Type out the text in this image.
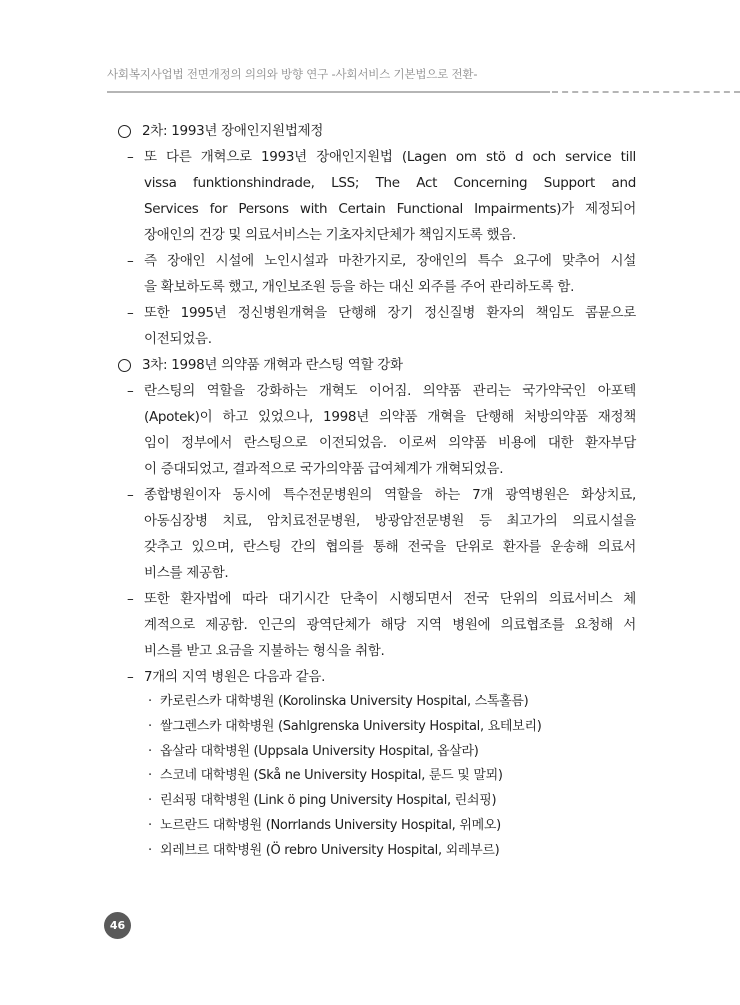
사회복지사업법 전면개정의 의의와 방향 연구 -사회서비스 기본법으로 전환-
2차: 1993년 장애인지원법제정
– 또 다른 개혁으로 1993년 장애인지원법 (Lagen om stö d och service till
vissa funktionshindrade, LSS; The Act Concerning Support and
Services for Persons with Certain Functional Impairments)가 제정되어
장애인의 건강 및 의료서비스는 기초자치단체가 책임지도록 했음.
– 즉 장애인 시설에 노인시설과 마찬가지로, 장애인의 특수 요구에 맞추어 시설
을 확보하도록 했고, 개인보조원 등을 하는 대신 외주를 주어 관리하도록 함.
– 또한 1995년 정신병원개혁을 단행해 장기 정신질병 환자의 책임도 콤뮨으로
이전되었음.
3차: 1998년 의약품 개혁과 란스팅 역할 강화
– 란스팅의 역할을 강화하는 개혁도 이어짐. 의약품 관리는 국가약국인 아포텍
(Apotek)이 하고 있었으나, 1998년 의약품 개혁을 단행해 처방의약품 재정책
임이 정부에서 란스팅으로 이전되었음. 이로써 의약품 비용에 대한 환자부담
이 증대되었고, 결과적으로 국가의약품 급여체계가 개혁되었음.
– 종합병원이자 동시에 특수전문병원의 역할을 하는 7개 광역병원은 화상치료,
아동심장병 치료, 암치료전문병원, 방광암전문병원 등 최고가의 의료시설을
갖추고 있으며, 란스팅 간의 협의를 통해 전국을 단위로 환자를 운송해 의료서
비스를 제공함.
– 또한 환자법에 따라 대기시간 단축이 시행되면서 전국 단위의 의료서비스 체
계적으로 제공함. 인근의 광역단체가 해당 지역 병원에 의료협조를 요청해 서
비스를 받고 요금을 지불하는 형식을 취함.
– 7개의 지역 병원은 다음과 같음.
· 카로린스카 대학병원 (Korolinska University Hospital, 스톡홀름)
· 쌀그렌스카 대학병원 (Sahlgrenska University Hospital, 요테보리)
· 옵살라 대학병원 (Uppsala University Hospital, 옵살라)
· 스코네 대학병원 (Skå ne University Hospital, 룬드 및 말뫼)
· 린쇠핑 대학병원 (Link ö ping University Hospital, 린쇠핑)
· 노르란드 대학병원 (Norrlands University Hospital, 위메오)
· 외레브르 대학병원 (Ö rebro University Hospital, 외레부르)
46
